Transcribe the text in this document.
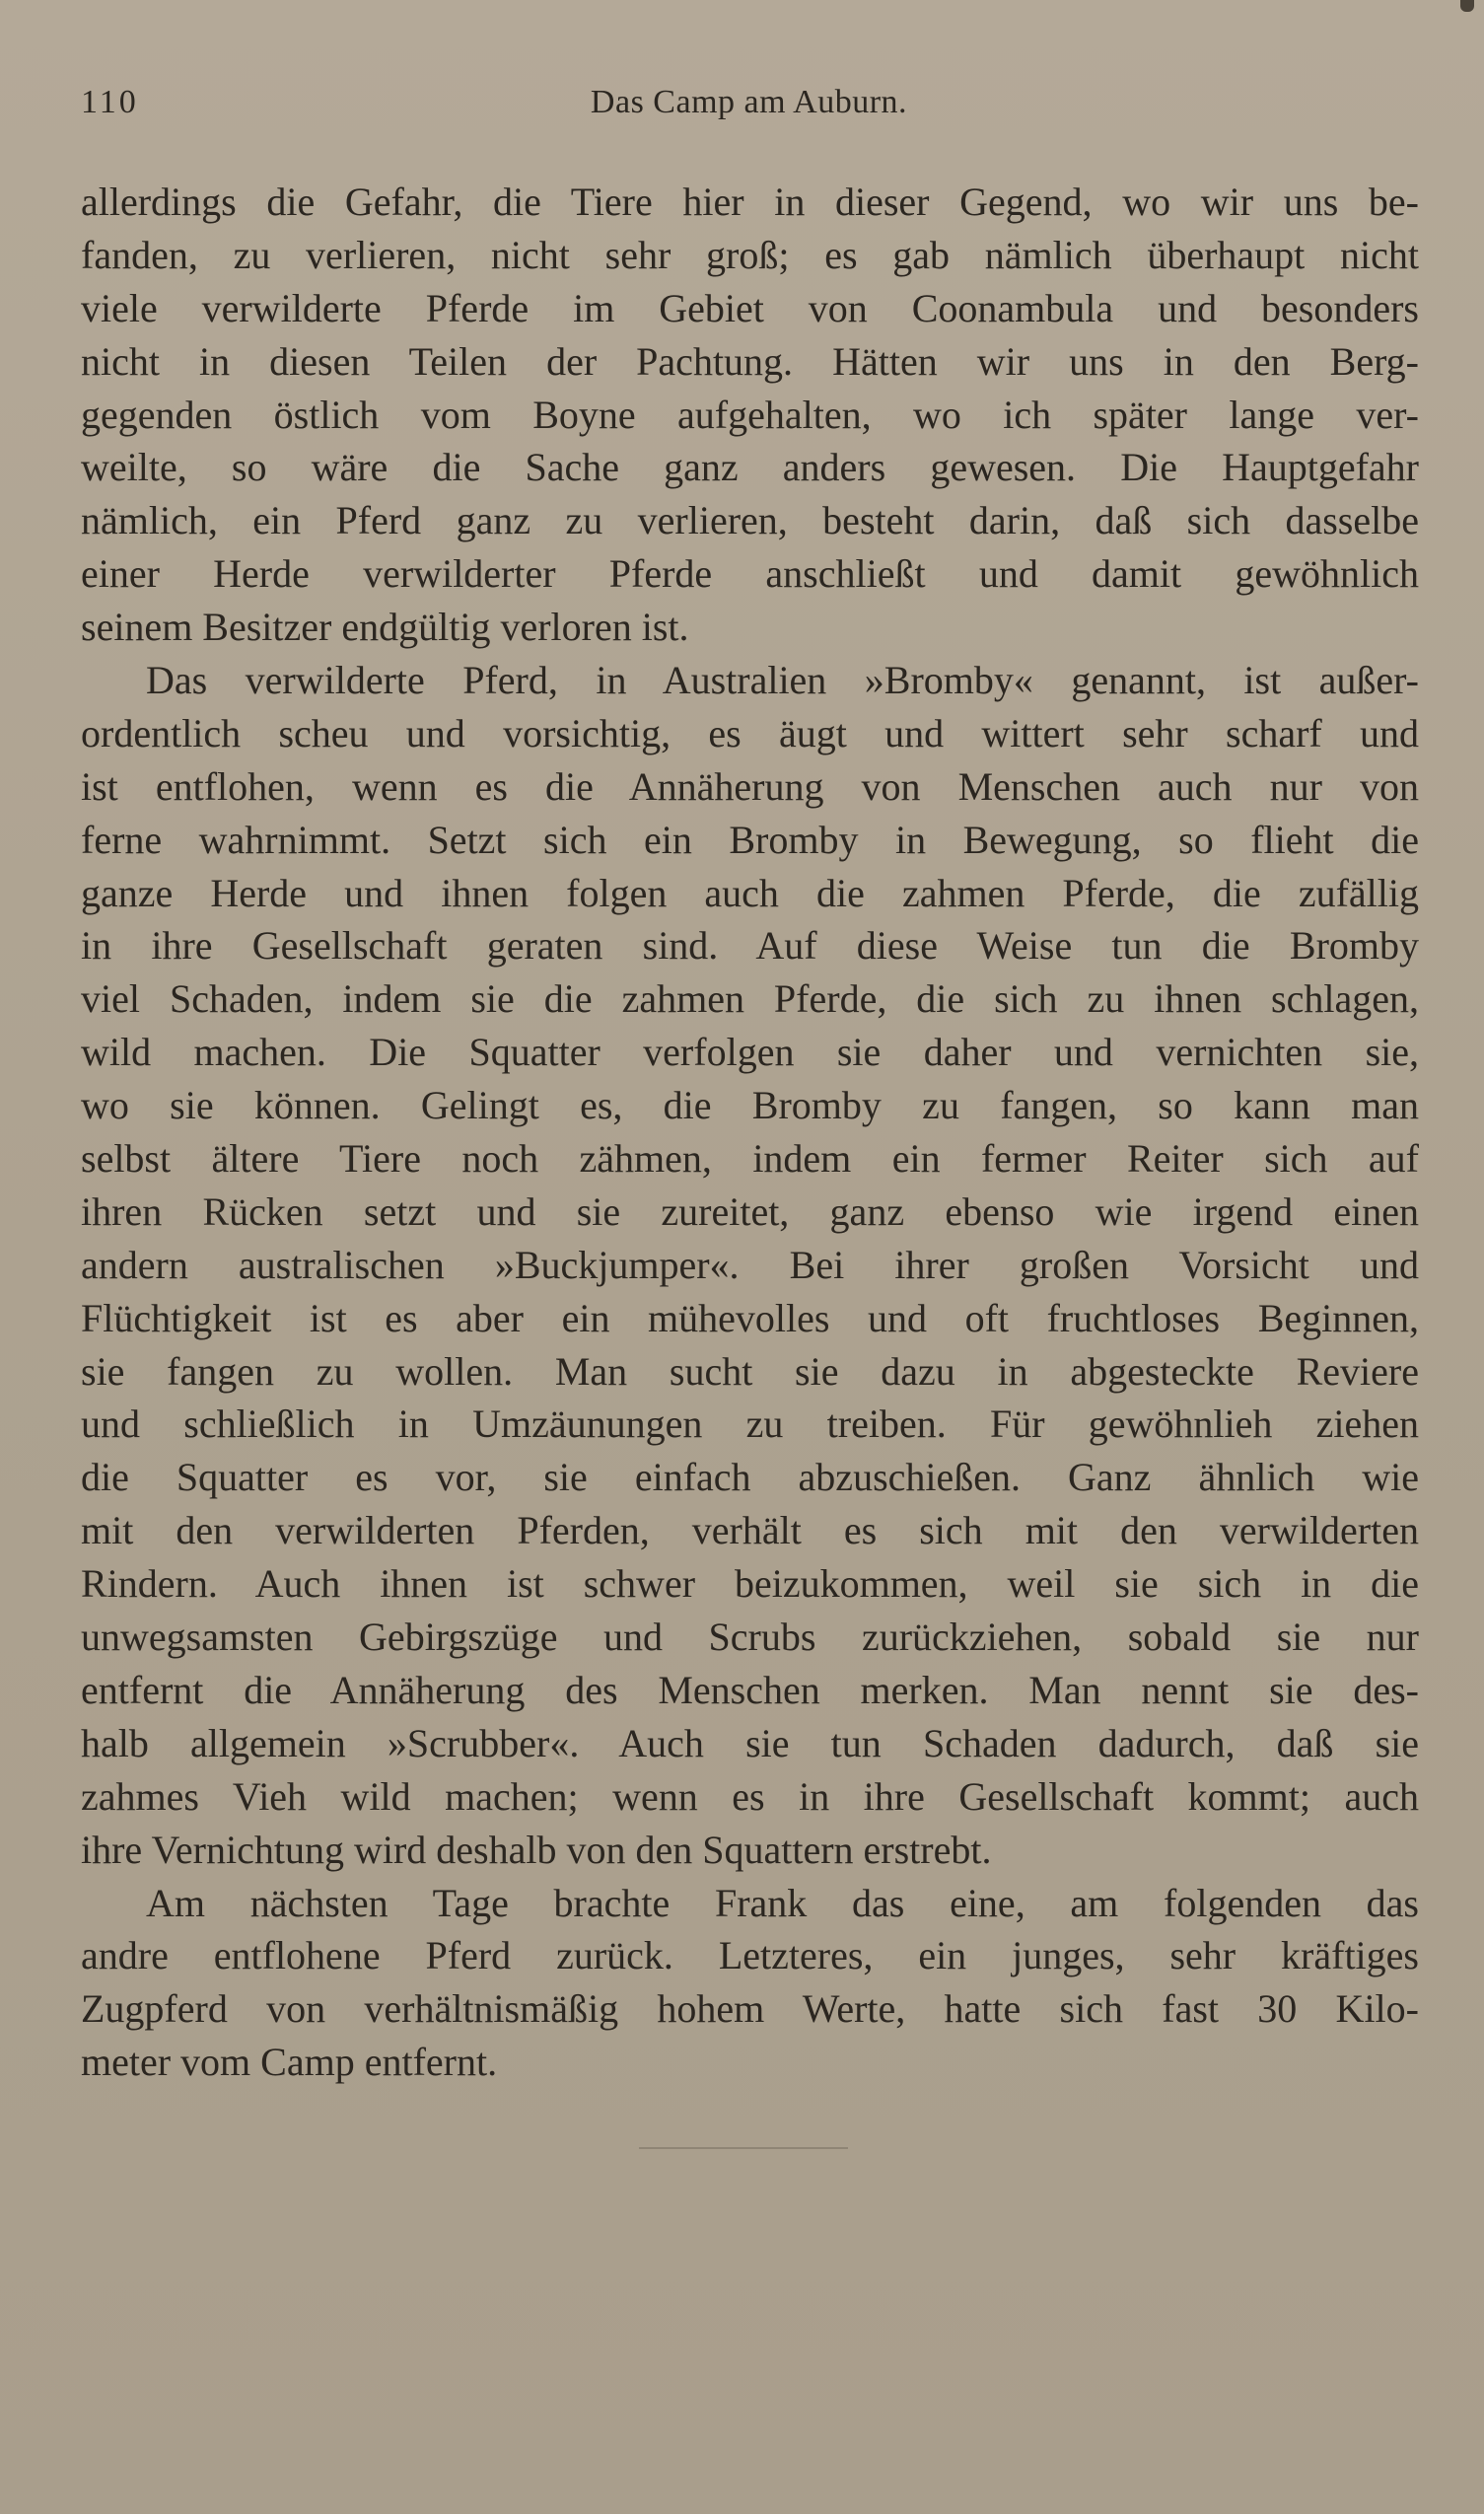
110	Das Camp am Auburn.
allerdings die Gefahr, die Tiere hier in dieser Gegend, wo wir uns be-
fanden, zu verlieren, nicht sehr groß; es gab nämlich überhaupt nicht
viele verwilderte Pferde im Gebiet von Coonambula und besonders
nicht in diesen Teilen der Pachtung. Hätten wir uns in den Berg-
gegenden östlich vom Boyne aufgehalten, wo ich später lange ver-
weilte, so wäre die Sache ganz anders gewesen. Die Hauptgefahr
nämlich, ein Pferd ganz zu verlieren, besteht darin, daß sich dasselbe
einer Herde verwilderter Pferde anschließt und damit gewöhnlich
seinem Besitzer endgültig verloren ist.
Das verwilderte Pferd, in Australien »Bromby« genannt, ist außer-
ordentlich scheu und vorsichtig, es äugt und wittert sehr scharf und
ist entflohen, wenn es die Annäherung von Menschen auch nur von
ferne wahrnimmt. Setzt sich ein Bromby in Bewegung, so flieht die
ganze Herde und ihnen folgen auch die zahmen Pferde, die zufällig
in ihre Gesellschaft geraten sind. Auf diese Weise tun die Bromby
viel Schaden, indem sie die zahmen Pferde, die sich zu ihnen schlagen,
wild machen. Die Squatter verfolgen sie daher und vernichten sie,
wo sie können. Gelingt es, die Bromby zu fangen, so kann man
selbst ältere Tiere noch zähmen, indem ein fermer Reiter sich auf
ihren Rücken setzt und sie zureitet, ganz ebenso wie irgend einen
andern australischen »Buckjumper«. Bei ihrer großen Vorsicht und
Flüchtigkeit ist es aber ein mühevolles und oft fruchtloses Beginnen,
sie fangen zu wollen. Man sucht sie dazu in abgesteckte Reviere
und schließlich in Umzäunungen zu treiben. Für gewöhnlieh ziehen
die Squatter es vor, sie einfach abzuschießen. Ganz ähnlich wie
mit den verwilderten Pferden, verhält es sich mit den verwilderten
Rindern. Auch ihnen ist schwer beizukommen, weil sie sich in die
unwegsamsten Gebirgszüge und Scrubs zurückziehen, sobald sie nur
entfernt die Annäherung des Menschen merken. Man nennt sie des-
halb allgemein »Scrubber«. Auch sie tun Schaden dadurch, daß sie
zahmes Vieh wild machen; wenn es in ihre Gesellschaft kommt; auch
ihre Vernichtung wird deshalb von den Squattern erstrebt.
Am nächsten Tage brachte Frank das eine, am folgenden das
andre entflohene Pferd zurück. Letzteres, ein junges, sehr kräftiges
Zugpferd von verhältnismäßig hohem Werte, hatte sich fast 30 Kilo-
meter vom Camp entfernt.
